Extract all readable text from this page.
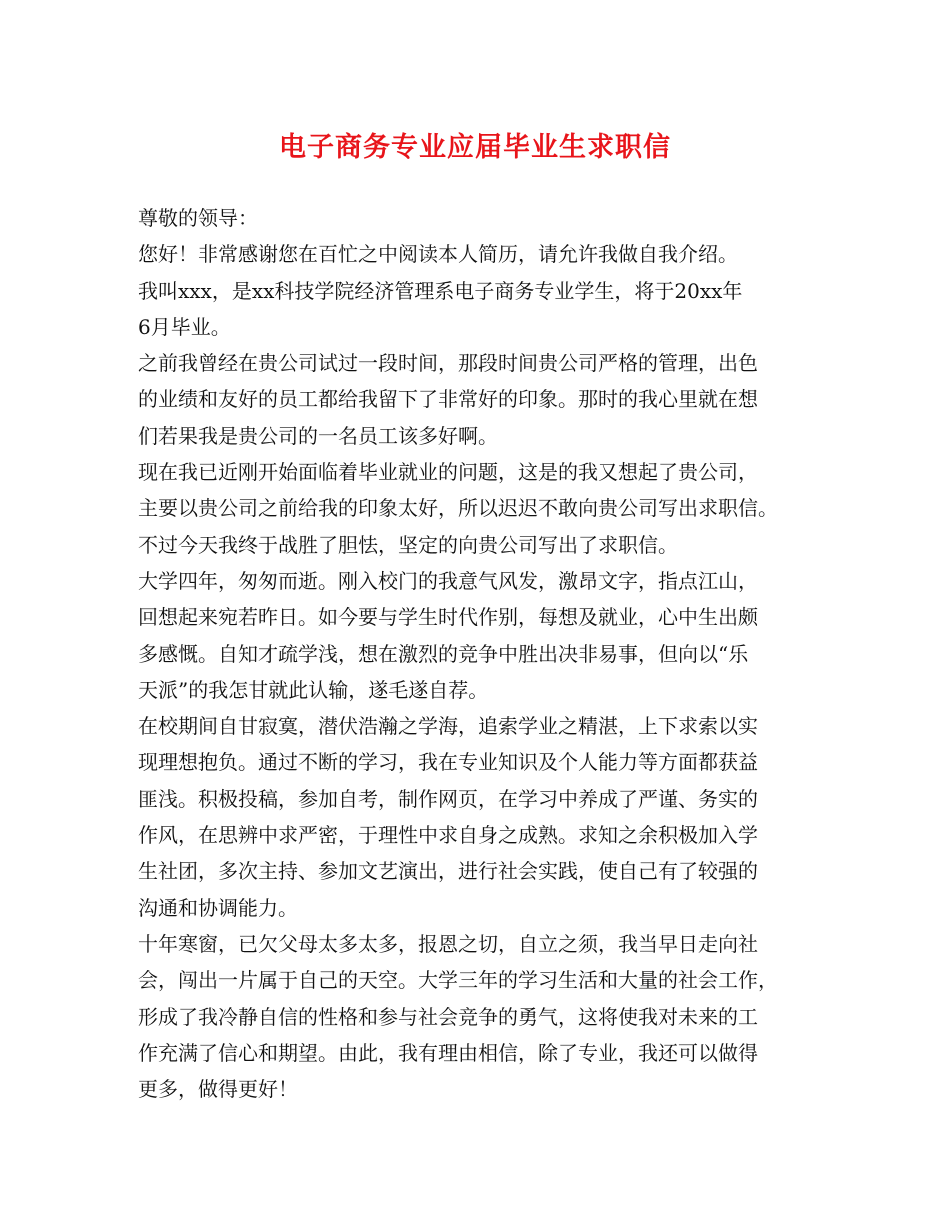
电子商务专业应届毕业生求职信
尊敬的领导：
您好！非常感谢您在百忙之中阅读本人简历，请允许我做自我介绍。
我叫xxx，是xx科技学院经济管理系电子商务专业学生，将于20xx年
6月毕业。
之前我曾经在贵公司试过一段时间，那段时间贵公司严格的管理，出色
的业绩和友好的员工都给我留下了非常好的印象。那时的我心里就在想
们若果我是贵公司的一名员工该多好啊。
现在我已近刚开始面临着毕业就业的问题，这是的我又想起了贵公司，
主要以贵公司之前给我的印象太好，所以迟迟不敢向贵公司写出求职信。
不过今天我终于战胜了胆怯，坚定的向贵公司写出了求职信。
大学四年，匆匆而逝。刚入校门的我意气风发，激昂文字，指点江山，
回想起来宛若昨日。如今要与学生时代作别，每想及就业，心中生出颇
多感慨。自知才疏学浅，想在激烈的竞争中胜出决非易事，但向以“乐
天派”的我怎甘就此认输，遂毛遂自荐。
在校期间自甘寂寞，潜伏浩瀚之学海，追索学业之精湛，上下求索以实
现理想抱负。通过不断的学习，我在专业知识及个人能力等方面都获益
匪浅。积极投稿，参加自考，制作网页，在学习中养成了严谨、务实的
作风，在思辨中求严密，于理性中求自身之成熟。求知之余积极加入学
生社团，多次主持、参加文艺演出，进行社会实践，使自己有了较强的
沟通和协调能力。
十年寒窗，已欠父母太多太多，报恩之切，自立之须，我当早日走向社
会，闯出一片属于自己的天空。大学三年的学习生活和大量的社会工作，
形成了我冷静自信的性格和参与社会竞争的勇气，这将使我对未来的工
作充满了信心和期望。由此，我有理由相信，除了专业，我还可以做得
更多，做得更好！
